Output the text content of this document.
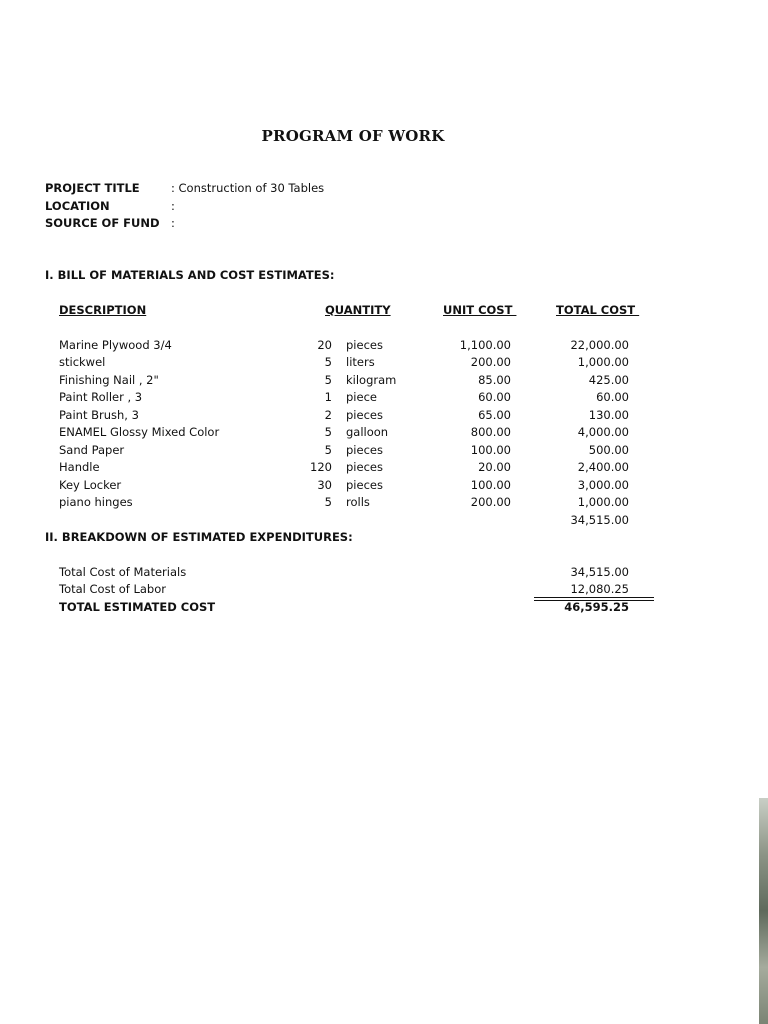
PROGRAM OF WORK
PROJECT TITLE	: Construction of 30 Tables
LOCATION	:
SOURCE OF FUND :
I. BILL OF MATERIALS AND COST ESTIMATES:
DESCRIPTION	QUANTITY	UNIT COST	TOTAL COST
Marine Plywood 3/4	20 pieces	1,100.00	22,000.00
stickwel	5 liters	200.00	1,000.00
Finishing Nail , 2"	5 kilogram	85.00	425.00
Paint Roller , 3	1 piece	60.00	60.00
Paint Brush, 3	2 pieces	65.00	130.00
ENAMEL Glossy Mixed Color	5 galloon	800.00	4,000.00
Sand Paper	5 pieces	100.00	500.00
Handle	120 pieces	20.00	2,400.00
Key Locker	30 pieces	100.00	3,000.00
piano hinges	5 rolls	200.00	1,000.00
34,515.00
II. BREAKDOWN OF ESTIMATED EXPENDITURES:
Total Cost of Materials	34,515.00
Total Cost of Labor	12,080.25
TOTAL ESTIMATED COST	46,595.25
